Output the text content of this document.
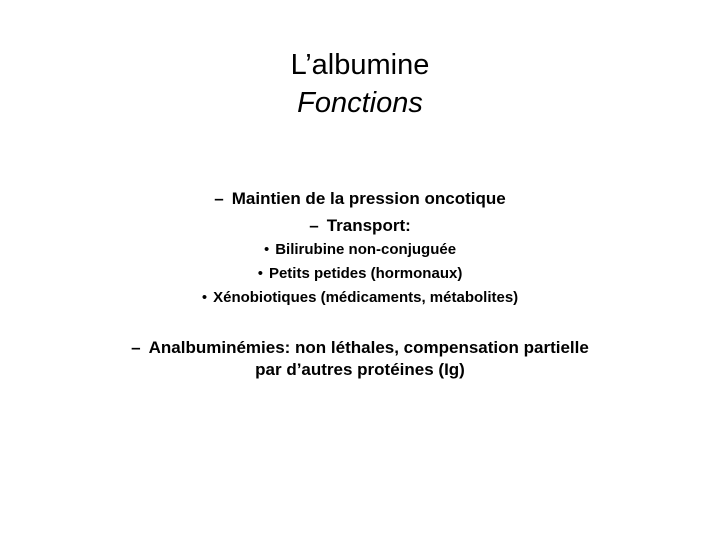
L’albumine
Fonctions
– Maintien de la pression oncotique
– Transport:
• Bilirubine non-conjuguée
• Petits petides (hormonaux)
• Xénobiotiques (médicaments, métabolites)
– Analbuminémies: non léthales, compensation partielle
par d’autres protéines (Ig)
